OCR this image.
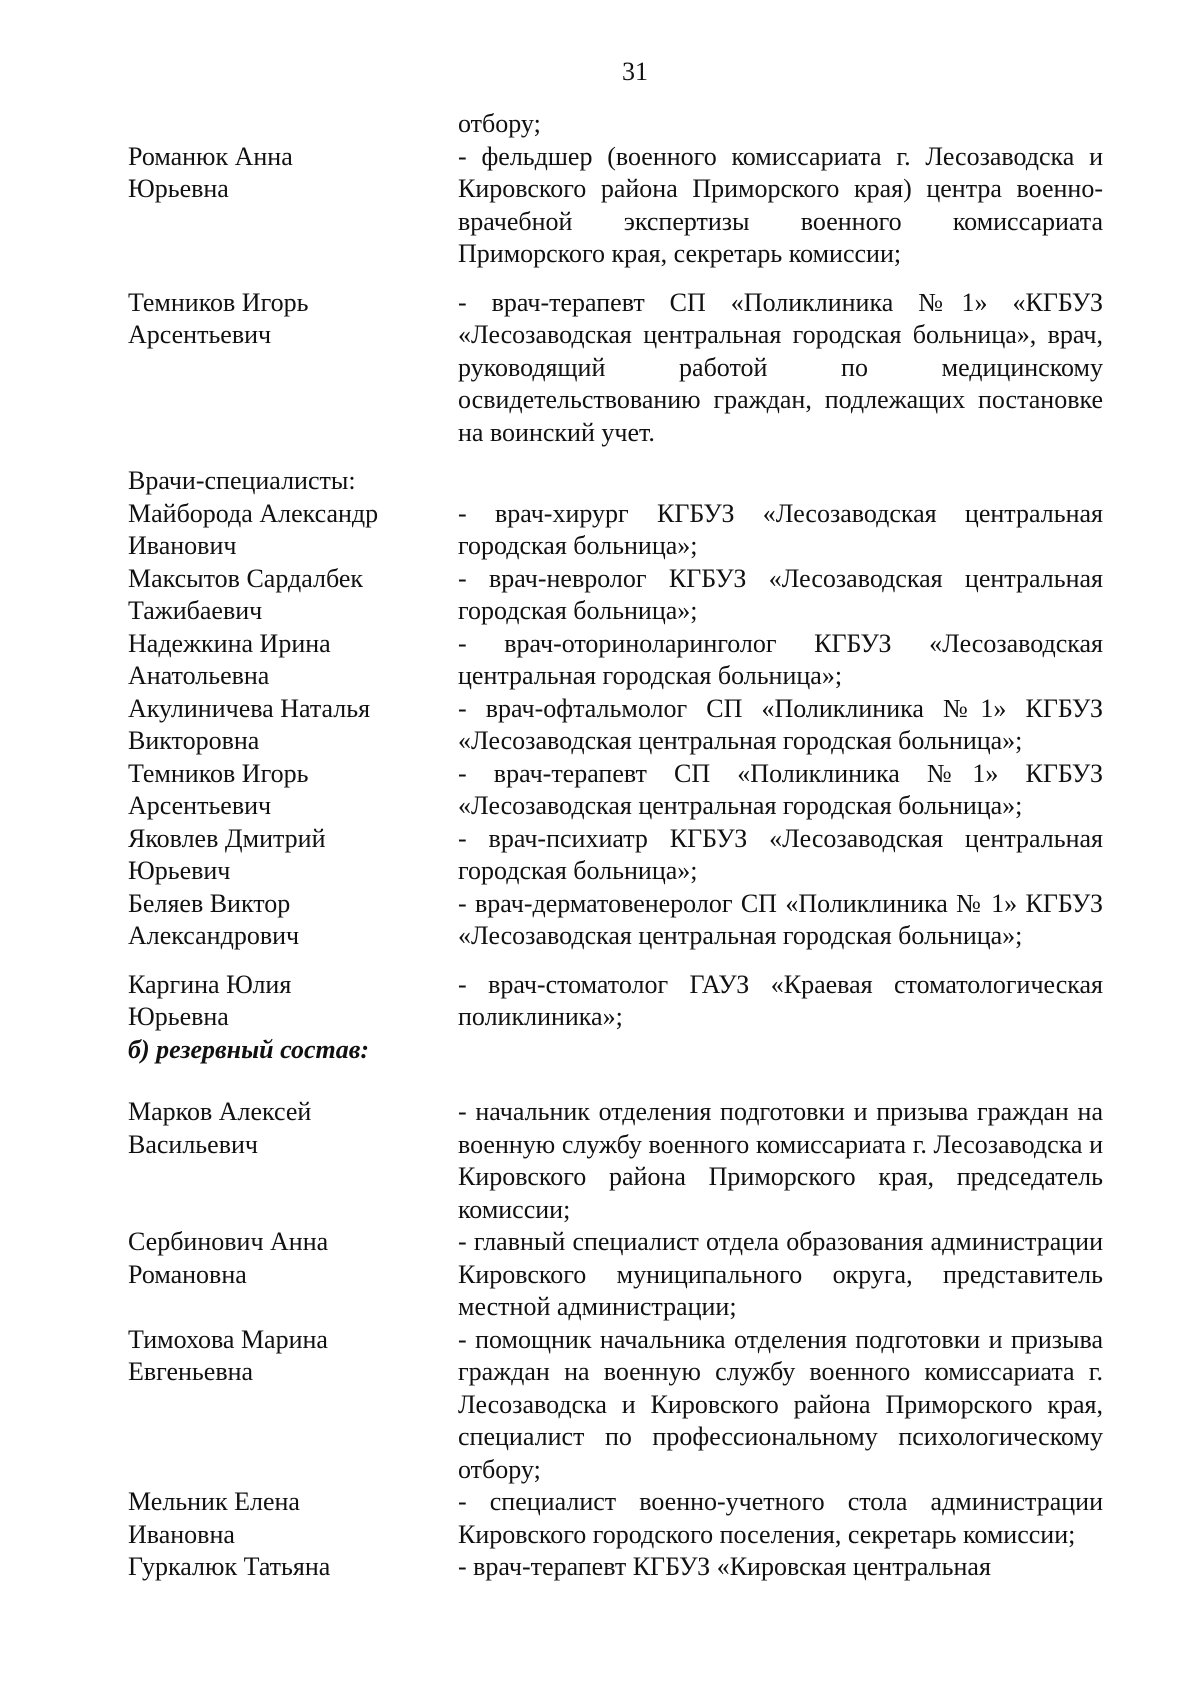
31
отбору;
Романюк Анна
Юрьевна
- фельдшер (военного комиссариата г. Лесозаводска и Кировского района Приморского края) центра военно-врачебной экспертизы военного комиссариата Приморского края, секретарь комиссии;
Темников Игорь
Арсентьевич
- врач-терапевт СП «Поликлиника №1» «КГБУЗ «Лесозаводская центральная городская больница», врач, руководящий работой по медицинскому освидетельствованию граждан, подлежащих постановке на воинский учет.
Врачи-специалисты:
Майборода Александр
Иванович
- врач-хирург КГБУЗ «Лесозаводская центральная городская больница»;
Максытов Сардалбек
Тажибаевич
- врач-невролог КГБУЗ «Лесозаводская центральная городская больница»;
Надежкина Ирина
Анатольевна
- врач-оториноларинголог КГБУЗ «Лесозаводская центральная городская больница»;
Акулиничева Наталья
Викторовна
- врач-офтальмолог СП «Поликлиника №1» КГБУЗ «Лесозаводская центральная городская больница»;
Темников Игорь
Арсентьевич
- врач-терапевт СП «Поликлиника №1» КГБУЗ «Лесозаводская центральная городская больница»;
Яковлев Дмитрий
Юрьевич
- врач-психиатр КГБУЗ «Лесозаводская центральная городская больница»;
Беляев Виктор
Александрович
- врач-дерматовенеролог СП «Поликлиника № 1» КГБУЗ «Лесозаводская центральная городская больница»;
Каргина Юлия
Юрьевна
- врач-стоматолог ГАУЗ «Краевая стоматологическая поликлиника»;
б) резервный состав:
Марков Алексей
Васильевич
- начальник отделения подготовки и призыва граждан на военную службу военного комиссариата г. Лесозаводска и Кировского района Приморского края, председатель комиссии;
Сербинович Анна
Романовна
- главный специалист отдела образования администрации Кировского муниципального округа, представитель местной администрации;
Тимохова Марина
Евгеньевна
- помощник начальника отделения подготовки и призыва граждан на военную службу военного комиссариата г. Лесозаводска и Кировского района Приморского края, специалист по профессиональному психологическому отбору;
Мельник Елена
Ивановна
- специалист военно-учетного стола администрации Кировского городского поселения, секретарь комиссии;
Гуркалюк Татьяна	- врач-терапевт КГБУЗ «Кировская центральная
